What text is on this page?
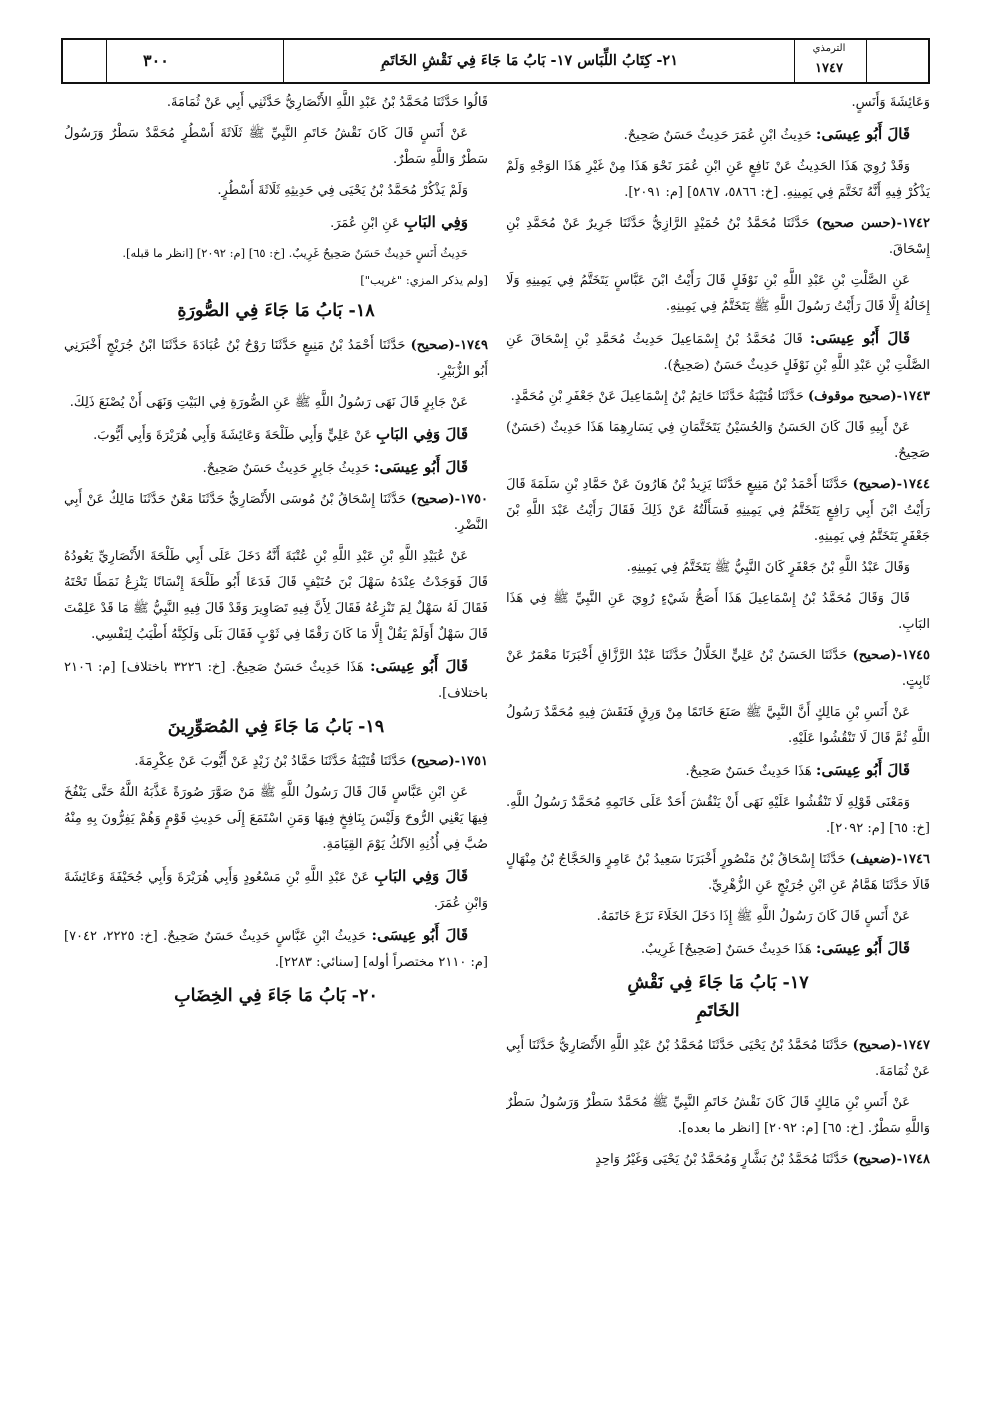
الترمذي
١٧٤٧
٢١- كِتَابُ اللِّبَاس ١٧- بَابُ مَا جَاءَ فِي نَقْشِ الخَاتَمِ
٣٠٠

وَعَائِشَةَ وَأَنَسٍ.

قَالَ أَبُو عِيسَى: حَدِيثُ ابْنِ عُمَرَ حَدِيثٌ حَسَنٌ صَحِيحٌ.

وَقَدْ رُوِيَ هَذَا الحَدِيثُ عَنْ نَافِعٍ عَنِ ابْنِ عُمَرَ نَحْوَ هَذَا مِنْ غَيْرِ هَذَا الوَجْهِ وَلَمْ يَذْكُرْ فِيهِ أَنَّهُ تَخَتَّمَ فِي يَمِينِهِ. [خ: ٥٨٦٦، ٥٨٦٧] [م: ٢٠٩١].

١٧٤٢-(حسن صحيح) حَدَّثَنَا مُحَمَّدُ بْنُ حُمَيْدٍ الرَّازِيُّ حَدَّثَنَا جَرِيرٌ عَنْ مُحَمَّدِ بْنِ إِسْحَاقَ.

عَنِ الصَّلْتِ بْنِ عَبْدِ اللَّهِ بْنِ نَوْفَلٍ قَالَ رَأَيْتُ ابْنَ عَبَّاسٍ يَتَخَتَّمُ فِي يَمِينِهِ وَلَا إِخَالُهُ إِلَّا قَالَ رَأَيْتُ رَسُولَ اللَّهِ ﷺ يَتَخَتَّمُ فِي يَمِينِهِ.

قَالَ أَبُو عِيسَى: قَالَ مُحَمَّدُ بْنُ إِسْمَاعِيلَ حَدِيثُ مُحَمَّدِ بْنِ إِسْحَاقَ عَنِ الصَّلْتِ بْنِ عَبْدِ اللَّهِ بْنِ نَوْفَلٍ حَدِيثٌ حَسَنٌ (صَحِيحٌ).

١٧٤٣-(صحيح موقوف) حَدَّثَنَا قُتَيْبَةُ حَدَّثَنَا حَاتِمُ بْنُ إِسْمَاعِيلَ عَنْ جَعْفَرِ بْنِ مُحَمَّدٍ.

عَنْ أَبِيهِ قَالَ كَانَ الحَسَنُ وَالحُسَيْنُ يَتَخَتَّمَانِ فِي يَسَارِهِمَا هَذَا حَدِيثٌ (حَسَنٌ) صَحِيحٌ.

١٧٤٤-(صحيح) حَدَّثَنَا أَحْمَدُ بْنُ مَنِيعٍ حَدَّثَنَا يَزِيدُ بْنُ هَارُونَ عَنْ حَمَّادِ بْنِ سَلَمَةَ قَالَ رَأَيْتُ ابْنَ أَبِي رَافِعٍ يَتَخَتَّمُ فِي يَمِينِهِ فَسَأَلْتُهُ عَنْ ذَلِكَ فَقَالَ رَأَيْتُ عَبْدَ اللَّهِ بْنَ جَعْفَرٍ يَتَخَتَّمُ فِي يَمِينِهِ.

وَقَالَ عَبْدُ اللَّهِ بْنُ جَعْفَرٍ كَانَ النَّبِيُّ ﷺ يَتَخَتَّمُ فِي يَمِينِهِ.

قَالَ وَقَالَ مُحَمَّدُ بْنُ إِسْمَاعِيلَ هَذَا أَصَحُّ شَيْءٍ رُوِيَ عَنِ النَّبِيِّ ﷺ فِي هَذَا البَابِ.

١٧٤٥-(صحيح) حَدَّثَنَا الحَسَنُ بْنُ عَلِيٍّ الخَلَّالُ حَدَّثَنَا عَبْدُ الرَّزَّاقِ أَخْبَرَنَا مَعْمَرٌ عَنْ ثَابِتٍ.

عَنْ أَنَسِ بْنِ مَالِكٍ أَنَّ النَّبِيَّ ﷺ صَنَعَ خَاتَمًا مِنْ وَرِقٍ فَنَقَشَ فِيهِ مُحَمَّدٌ رَسُولُ اللَّهِ ثُمَّ قَالَ لَا تَنْقُشُوا عَلَيْهِ.

قَالَ أَبُو عِيسَى: هَذَا حَدِيثٌ حَسَنٌ صَحِيحٌ.

وَمَعْنَى قَوْلِهِ لَا تَنْقُشُوا عَلَيْهِ نَهَى أَنْ يَنْقُشَ أَحَدٌ عَلَى خَاتَمِهِ مُحَمَّدٌ رَسُولُ اللَّهِ. [خ: ٦٥] [م: ٢٠٩٢].

١٧٤٦-(ضعيف) حَدَّثَنَا إِسْحَاقُ بْنُ مَنْصُورٍ أَخْبَرَنَا سَعِيدُ بْنُ عَامِرٍ وَالحَجَّاجُ بْنُ مِنْهَالٍ قَالَا حَدَّثَنَا هَمَّامٌ عَنِ ابْنِ جُرَيْجٍ عَنِ الزُّهْرِيِّ.

عَنْ أَنَسٍ قَالَ كَانَ رَسُولُ اللَّهِ ﷺ إِذَا دَخَلَ الخَلَاءَ نَزَعَ خَاتَمَهُ.

قَالَ أَبُو عِيسَى: هَذَا حَدِيثٌ حَسَنٌ [صَحِيحٌ] غَرِيبٌ.

١٧- بَابُ مَا جَاءَ فِي نَقْشِ
الخَاتَمِ

١٧٤٧-(صحيح) حَدَّثَنَا مُحَمَّدُ بْنُ يَحْيَى حَدَّثَنَا مُحَمَّدُ بْنُ عَبْدِ اللَّهِ الأَنْصَارِيُّ حَدَّثَنَا أَبِي عَنْ ثُمَامَةَ.

عَنْ أَنَسِ بْنِ مَالِكٍ قَالَ كَانَ نَقْشُ خَاتَمِ النَّبِيِّ ﷺ مُحَمَّدٌ سَطْرٌ وَرَسُولُ سَطْرٌ وَاللَّهِ سَطْرٌ. [خ: ٦٥] [م: ٢٠٩٢] [انظر ما بعده].

١٧٤٨-(صحيح) حَدَّثَنَا مُحَمَّدُ بْنُ بَشَّارٍ وَمُحَمَّدُ بْنُ يَحْيَى وَغَيْرُ وَاحِدٍ

قَالُوا حَدَّثَنَا مُحَمَّدُ بْنُ عَبْدِ اللَّهِ الأَنْصَارِيُّ حَدَّثَنِي أَبِي عَنْ ثُمَامَةَ.

عَنْ أَنَسٍ قَالَ كَانَ نَقْشُ خَاتَمِ النَّبِيِّ ﷺ ثَلَاثَةَ أَسْطُرٍ مُحَمَّدٌ سَطْرٌ وَرَسُولُ سَطْرٌ وَاللَّهِ سَطْرٌ.

وَلَمْ يَذْكُرْ مُحَمَّدُ بْنُ يَحْيَى فِي حَدِيثِهِ ثَلَاثَةَ أَسْطُرٍ.

وَفِي البَابِ عَنِ ابْنِ عُمَرَ.

حَدِيثُ أَنَسٍ حَدِيثٌ حَسَنٌ صَحِيحٌ غَرِيبٌ. [خ: ٦٥] [م: ٢٠٩٢] [انظر ما قبله].

[ولم يذكر المزي: "غريب"]

١٨- بَابُ مَا جَاءَ فِي الصُّورَةِ

١٧٤٩-(صحيح) حَدَّثَنَا أَحْمَدُ بْنُ مَنِيعٍ حَدَّثَنَا رَوْحُ بْنُ عُبَادَةَ حَدَّثَنَا ابْنُ جُرَيْجٍ أَخْبَرَنِي أَبُو الزُّبَيْرِ.

عَنْ جَابِرٍ قَالَ نَهَى رَسُولُ اللَّهِ ﷺ عَنِ الصُّورَةِ فِي البَيْتِ وَنَهَى أَنْ يُصْنَعَ ذَلِكَ.

قَالَ وَفِي البَابِ عَنْ عَلِيٍّ وَأَبِي طَلْحَةَ وَعَائِشَةَ وَأَبِي هُرَيْرَةَ وَأَبِي أَيُّوبَ.

قَالَ أَبُو عِيسَى: حَدِيثُ جَابِرٍ حَدِيثٌ حَسَنٌ صَحِيحٌ.

١٧٥٠-(صحيح) حَدَّثَنَا إِسْحَاقُ بْنُ مُوسَى الأَنْصَارِيُّ حَدَّثَنَا مَعْنٌ حَدَّثَنَا مَالِكٌ عَنْ أَبِي النَّضْرِ.

عَنْ عُبَيْدِ اللَّهِ بْنِ عَبْدِ اللَّهِ بْنِ عُتْبَةَ أَنَّهُ دَخَلَ عَلَى أَبِي طَلْحَةَ الأَنْصَارِيِّ يَعُودُهُ قَالَ فَوَجَدْتُ عِنْدَهُ سَهْلَ بْنَ حُنَيْفٍ قَالَ فَدَعَا أَبُو طَلْحَةَ إِنْسَانًا يَنْزِعُ نَمَطًا تَحْتَهُ فَقَالَ لَهُ سَهْلٌ لِمَ تَنْزِعُهُ فَقَالَ لِأَنَّ فِيهِ تَصَاوِيرَ وَقَدْ قَالَ فِيهِ النَّبِيُّ ﷺ مَا قَدْ عَلِمْتَ قَالَ سَهْلٌ أَوَلَمْ يَقُلْ إِلَّا مَا كَانَ رَقْمًا فِي ثَوْبٍ فَقَالَ بَلَى وَلَكِنَّهُ أَطْيَبُ لِنَفْسِي.

قَالَ أَبُو عِيسَى: هَذَا حَدِيثٌ حَسَنٌ صَحِيحٌ. [خ: ٣٢٢٦ باختلاف] [م: ٢١٠٦ باختلاف].

١٩- بَابُ مَا جَاءَ فِي المُصَوِّرِينَ

١٧٥١-(صحيح) حَدَّثَنَا قُتَيْبَةُ حَدَّثَنَا حَمَّادُ بْنُ زَيْدٍ عَنْ أَيُّوبَ عَنْ عِكْرِمَةَ.

عَنِ ابْنِ عَبَّاسٍ قَالَ قَالَ رَسُولُ اللَّهِ ﷺ مَنْ صَوَّرَ صُورَةً عَذَّبَهُ اللَّهُ حَتَّى يَنْفُخَ فِيهَا يَعْنِي الرُّوحَ وَلَيْسَ بِنَافِخٍ فِيهَا وَمَنِ اسْتَمَعَ إِلَى حَدِيثِ قَوْمٍ وَهُمْ يَفِرُّونَ بِهِ مِنْهُ صُبَّ فِي أُذُنِهِ الآنُكُ يَوْمَ القِيَامَةِ.

قَالَ وَفِي البَابِ عَنْ عَبْدِ اللَّهِ بْنِ مَسْعُودٍ وَأَبِي هُرَيْرَةَ وَأَبِي جُحَيْفَةَ وَعَائِشَةَ وَابْنِ عُمَرَ.

قَالَ أَبُو عِيسَى: حَدِيثُ ابْنِ عَبَّاسٍ حَدِيثٌ حَسَنٌ صَحِيحٌ. [خ: ٢٢٢٥، ٧٠٤٢] [م: ٢١١٠ مختصراً أوله] [سنائي: ٢٢٨٣].

٢٠- بَابُ مَا جَاءَ فِي الخِضَابِ
